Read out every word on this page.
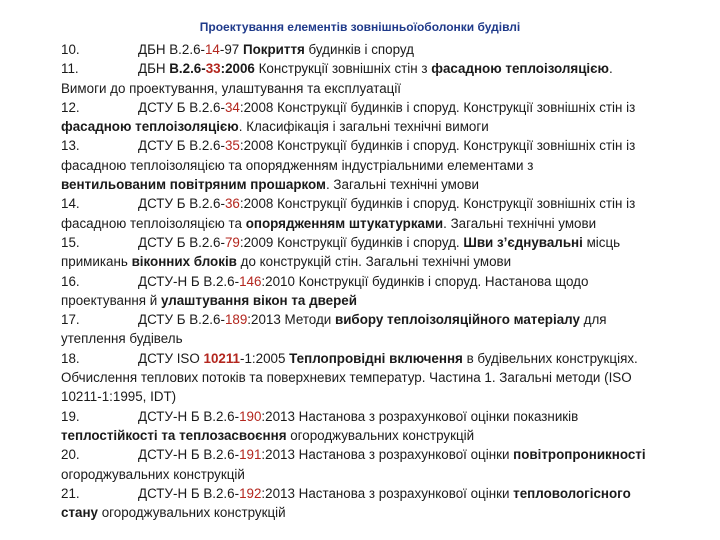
Проектування елементів зовнішньоїоболонки будівлі

10.	ДБН В.2.6-14-97 Покриття будинків і споруд

11.	ДБН В.2.6-33:2006 Конструкції зовнішніх стін з фасадною теплоізоляцією.

Вимоги до проектування, улаштування та експлуатації

12.	ДСТУ Б В.2.6-34:2008 Конструкції будинків і споруд. Конструкції зовнішніх стін із

фасадною теплоізоляцією. Класифікація і загальні технічні вимоги

13.	ДСТУ Б В.2.6-35:2008 Конструкції будинків і споруд. Конструкції зовнішніх стін із

фасадною теплоізоляцією та опорядженням індустріальними елементами з

вентильованим повітряним прошарком. Загальні технічні умови

14.	ДСТУ Б В.2.6-36:2008 Конструкції будинків і споруд. Конструкції зовнішніх стін із

фасадною теплоізоляцією та опорядженням штукатурками. Загальні технічні умови

15.	ДСТУ Б В.2.6-79:2009 Конструкції будинків і споруд. Шви з’єднувальні місць

примикань віконних блоків до конструкцій стін. Загальні технічні умови

16.	ДСТУ-Н Б В.2.6-146:2010 Конструкції будинків і споруд. Настанова щодо

проектування й улаштування вікон та дверей

17.	ДСТУ Б В.2.6-189:2013 Методи вибору теплоізоляційного матеріалу для

утеплення будівель

18.	ДСТУ ISO 10211-1:2005 Теплопровідні включення в будівельних конструкціях.

Обчислення теплових потоків та поверхневих температур. Частина 1. Загальні методи (ISO

10211-1:1995, IDT)

19.	ДСТУ-Н Б В.2.6-190:2013 Настанова з розрахункової оцінки показників

теплостійкості та теплозасвоєння огороджувальних конструкцій

20.	ДСТУ-Н Б В.2.6-191:2013 Настанова з розрахункової оцінки повітропроникності

огороджувальних конструкцій

21.	ДСТУ-Н Б В.2.6-192:2013 Настанова з розрахункової оцінки тепловологісного

стану огороджувальних конструкцій
